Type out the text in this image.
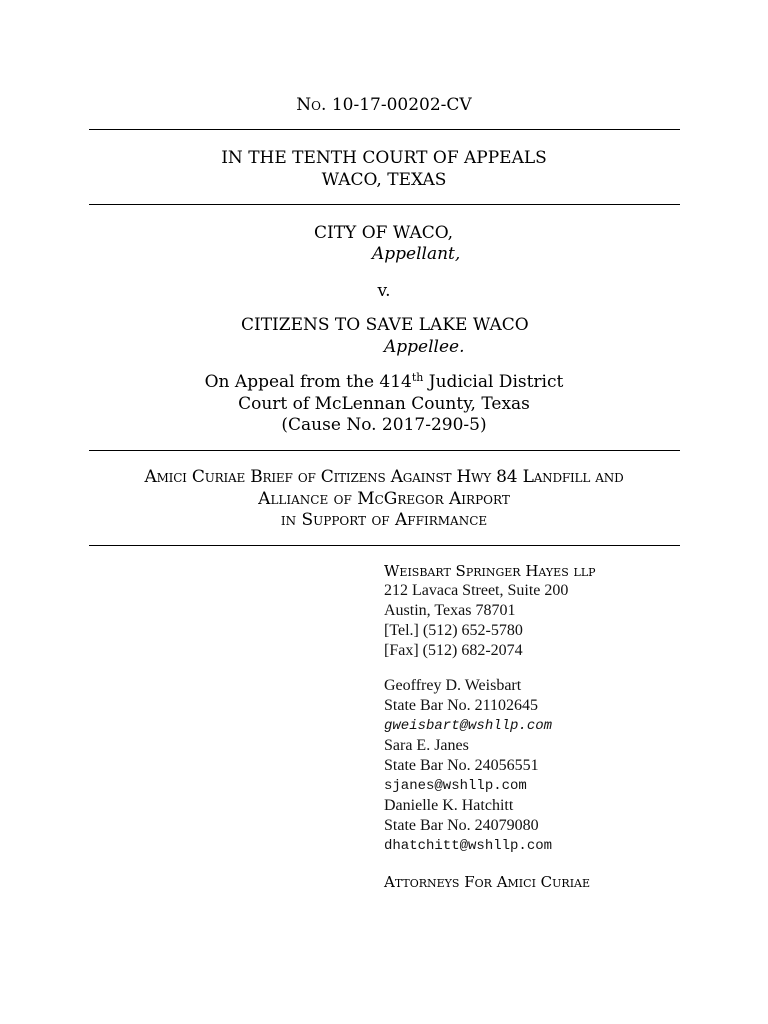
No. 10-17-00202-CV
IN THE TENTH COURT OF APPEALS
WACO, TEXAS
CITY OF WACO,
Appellant,
v.
CITIZENS TO SAVE LAKE WACO
Appellee.
On Appeal from the 414th Judicial District
Court of McLennan County, Texas
(Cause No. 2017-290-5)
Amici Curiae Brief of Citizens Against Hwy 84 Landfill and
Alliance of McGregor Airport
in Support of Affirmance
Weisbart Springer Hayes llp
212 Lavaca Street, Suite 200
Austin, Texas 78701
[Tel.] (512) 652-5780
[Fax] (512) 682-2074
Geoffrey D. Weisbart
State Bar No. 21102645
gweisbart@wshllp.com
Sara E. Janes
State Bar No. 24056551
sjanes@wshllp.com
Danielle K. Hatchitt
State Bar No. 24079080
dhatchitt@wshllp.com
Attorneys For Amici Curiae
